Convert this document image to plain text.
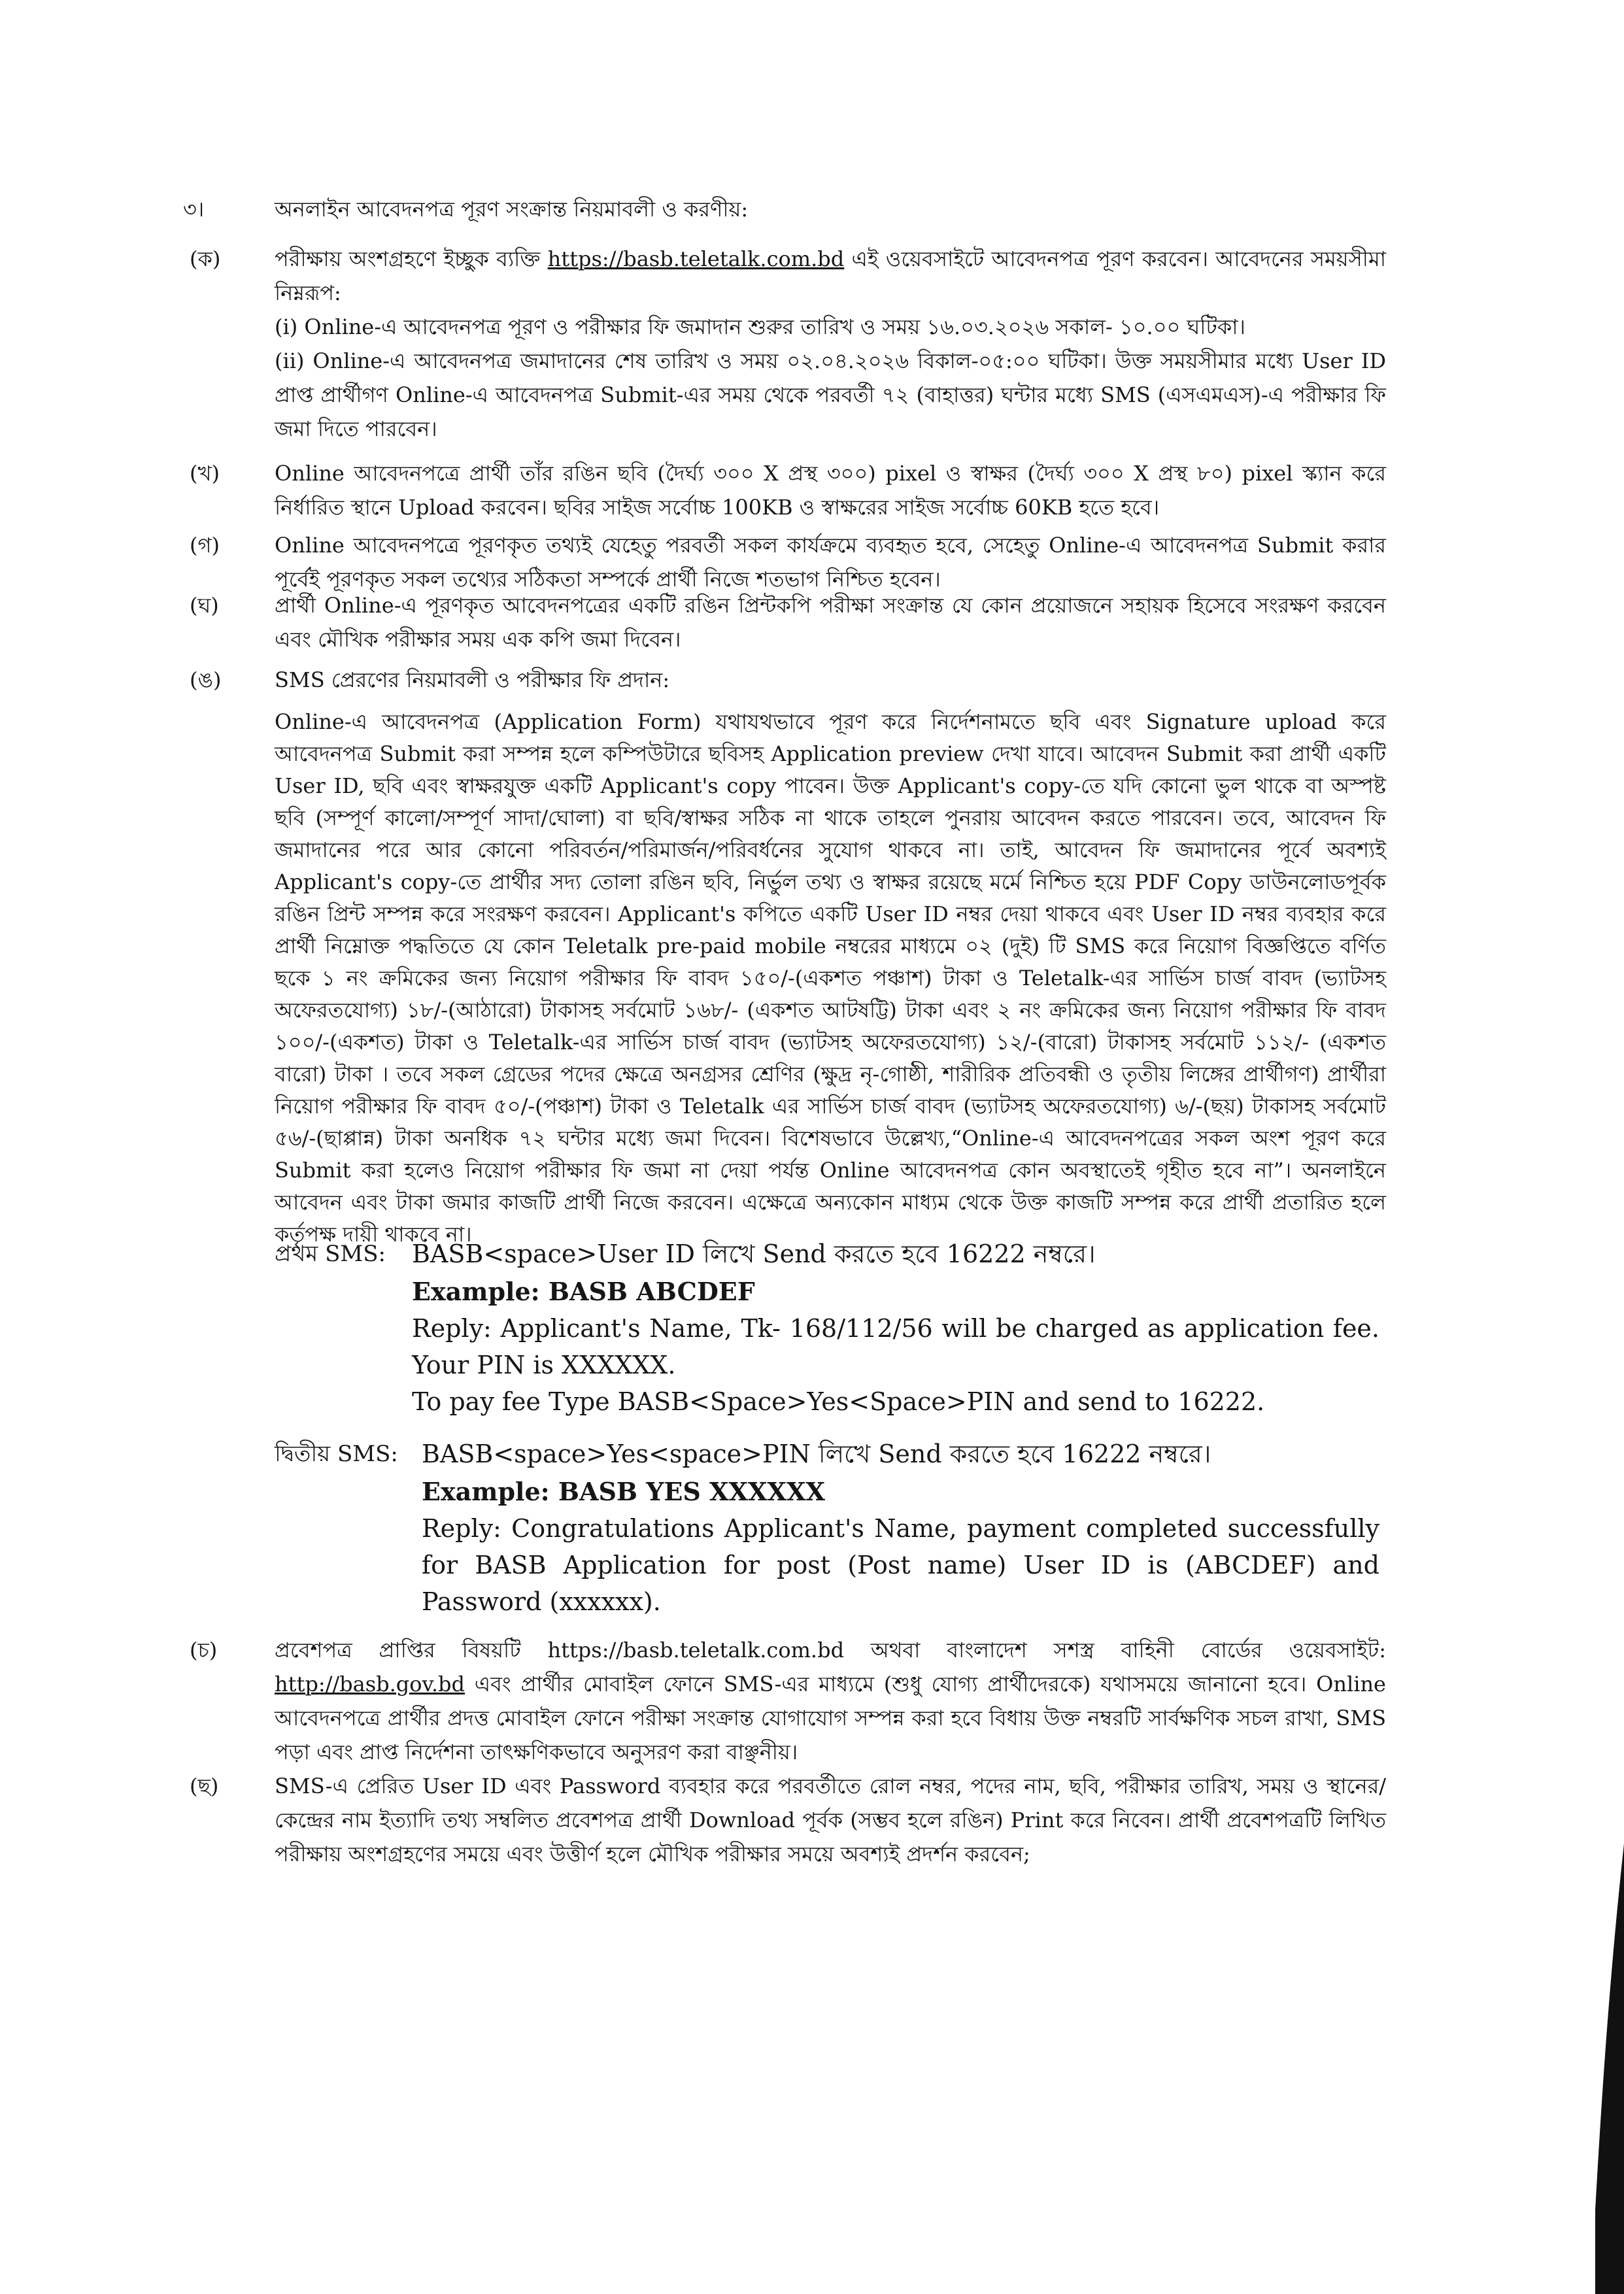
৩।	অনলাইন আবেদনপত্র পূরণ সংক্রান্ত নিয়মাবলী ও করণীয়:
(ক)	পরীক্ষায় অংশগ্রহণে ইচ্ছুক ব্যক্তি https://basb.teletalk.com.bd এই ওয়েবসাইটে আবেদনপত্র পূরণ করবেন। আবেদনের সময়সীমা নিম্নরূপ:

(i) Online-এ আবেদনপত্র পূরণ ও পরীক্ষার ফি জমাদান শুরুর তারিখ ও সময় ১৬.০৩.২০২৬ সকাল- ১০.০০ ঘটিকা।

(ii) Online-এ আবেদনপত্র জমাদানের শেষ তারিখ ও সময় ০২.০৪.২০২৬ বিকাল-০৫:০০ ঘটিকা। উক্ত সময়সীমার মধ্যে User ID প্রাপ্ত প্রার্থীগণ Online-এ আবেদনপত্র Submit-এর সময় থেকে পরবর্তী ৭২ (বাহাত্তর) ঘন্টার মধ্যে SMS (এসএমএস)-এ পরীক্ষার ফি জমা দিতে পারবেন।

(খ)	Online আবেদনপত্রে প্রার্থী তাঁর রঙিন ছবি (দৈর্ঘ্য ৩০০ X প্রস্থ ৩০০) pixel ও স্বাক্ষর (দৈর্ঘ্য ৩০০ X প্রস্থ ৮০) pixel স্ক্যান করে নির্ধারিত স্থানে Upload করবেন। ছবির সাইজ সর্বোচ্চ 100KB ও স্বাক্ষরের সাইজ সর্বোচ্চ 60KB হতে হবে।

(গ)	Online আবেদনপত্রে পূরণকৃত তথ্যই যেহেতু পরবর্তী সকল কার্যক্রমে ব্যবহৃত হবে, সেহেতু Online-এ আবেদনপত্র Submit করার পূর্বেই পূরণকৃত সকল তথ্যের সঠিকতা সম্পর্কে প্রার্থী নিজে শতভাগ নিশ্চিত হবেন।

(ঘ)	প্রার্থী Online-এ পূরণকৃত আবেদনপত্রের একটি রঙিন প্রিন্টকপি পরীক্ষা সংক্রান্ত যে কোন প্রয়োজনে সহায়ক হিসেবে সংরক্ষণ করবেন এবং মৌখিক পরীক্ষার সময় এক কপি জমা দিবেন।

(ঙ)	SMS প্রেরণের নিয়মাবলী ও পরীক্ষার ফি প্রদান:

Online-এ আবেদনপত্র (Application Form) যথাযথভাবে পূরণ করে নির্দেশনামতে ছবি এবং Signature upload করে আবেদনপত্র Submit করা সম্পন্ন হলে কম্পিউটারে ছবিসহ Application preview দেখা যাবে। আবেদন Submit করা প্রার্থী একটি User ID, ছবি এবং স্বাক্ষরযুক্ত একটি Applicant's copy পাবেন। উক্ত Applicant's copy-তে যদি কোনো ভুল থাকে বা অস্পষ্ট ছবি (সম্পূর্ণ কালো/সম্পূর্ণ সাদা/ঘোলা) বা ছবি/স্বাক্ষর সঠিক না থাকে তাহলে পুনরায় আবেদন করতে পারবেন। তবে, আবেদন ফি জমাদানের পরে আর কোনো পরিবর্তন/পরিমার্জন/পরিবর্ধনের সুযোগ থাকবে না। তাই, আবেদন ফি জমাদানের পূর্বে অবশ্যই Applicant's copy-তে প্রার্থীর সদ্য তোলা রঙিন ছবি, নির্ভুল তথ্য ও স্বাক্ষর রয়েছে মর্মে নিশ্চিত হয়ে PDF Copy ডাউনলোডপূর্বক রঙিন প্রিন্ট সম্পন্ন করে সংরক্ষণ করবেন। Applicant's কপিতে একটি User ID নম্বর দেয়া থাকবে এবং User ID নম্বর ব্যবহার করে প্রার্থী নিম্নোক্ত পদ্ধতিতে যে কোন Teletalk pre-paid mobile নম্বরের মাধ্যমে ০২ (দুই) টি SMS করে নিয়োগ বিজ্ঞপ্তিতে বর্ণিত ছকে ১ নং ক্রমিকের জন্য নিয়োগ পরীক্ষার ফি বাবদ ১৫০/-(একশত পঞ্চাশ) টাকা ও Teletalk-এর সার্ভিস চার্জ বাবদ (ভ্যাটসহ অফেরতযোগ্য) ১৮/-(আঠারো) টাকাসহ সর্বমোট ১৬৮/- (একশত আটষট্টি) টাকা এবং ২ নং ক্রমিকের জন্য নিয়োগ পরীক্ষার ফি বাবদ ১০০/-(একশত) টাকা ও Teletalk-এর সার্ভিস চার্জ বাবদ (ভ্যাটসহ অফেরতযোগ্য) ১২/-(বারো) টাকাসহ সর্বমোট ১১২/- (একশত বারো) টাকা । তবে সকল গ্রেডের পদের ক্ষেত্রে অনগ্রসর শ্রেণির (ক্ষুদ্র নৃ-গোষ্ঠী, শারীরিক প্রতিবন্ধী ও তৃতীয় লিঙ্গের প্রার্থীগণ) প্রার্থীরা নিয়োগ পরীক্ষার ফি বাবদ ৫০/-(পঞ্চাশ) টাকা ও Teletalk এর সার্ভিস চার্জ বাবদ (ভ্যাটসহ অফেরতযোগ্য) ৬/-(ছয়) টাকাসহ সর্বমোট ৫৬/-(ছাপ্পান্ন) টাকা অনধিক ৭২ ঘন্টার মধ্যে জমা দিবেন। বিশেষভাবে উল্লেখ্য,“Online-এ আবেদনপত্রের সকল অংশ পূরণ করে Submit করা হলেও নিয়োগ পরীক্ষার ফি জমা না দেয়া পর্যন্ত Online আবেদনপত্র কোন অবস্থাতেই গৃহীত হবে না”। অনলাইনে আবেদন এবং টাকা জমার কাজটি প্রার্থী নিজে করবেন। এক্ষেত্রে অন্যকোন মাধ্যম থেকে উক্ত কাজটি সম্পন্ন করে প্রার্থী প্রতারিত হলে কর্তৃপক্ষ দায়ী থাকবে না।

প্রথম SMS: BASB<space>User ID লিখে Send করতে হবে 16222 নম্বরে।
Example: BASB ABCDEF
Reply: Applicant's Name, Tk- 168/112/56 will be charged as application fee. Your PIN is XXXXXX.
To pay fee Type BASB<Space>Yes<Space>PIN and send to 16222.
দ্বিতীয় SMS: BASB<space>Yes<space>PIN লিখে Send করতে হবে 16222 নম্বরে।
Example: BASB YES XXXXXX
Reply: Congratulations Applicant's Name, payment completed successfully for BASB Application for post (Post name) User ID is (ABCDEF) and Password (xxxxxx).
(চ)	প্রবেশপত্র প্রাপ্তির বিষয়টি https://basb.teletalk.com.bd অথবা বাংলাদেশ সশস্ত্র বাহিনী বোর্ডের ওয়েবসাইট: http://basb.gov.bd এবং প্রার্থীর মোবাইল ফোনে SMS-এর মাধ্যমে (শুধু যোগ্য প্রার্থীদেরকে) যথাসময়ে জানানো হবে। Online আবেদনপত্রে প্রার্থীর প্রদত্ত মোবাইল ফোনে পরীক্ষা সংক্রান্ত যোগাযোগ সম্পন্ন করা হবে বিধায় উক্ত নম্বরটি সার্বক্ষণিক সচল রাখা, SMS পড়া এবং প্রাপ্ত নির্দেশনা তাৎক্ষণিকভাবে অনুসরণ করা বাঞ্ছনীয়।

(ছ)	SMS-এ প্রেরিত User ID এবং Password ব্যবহার করে পরবর্তীতে রোল নম্বর, পদের নাম, ছবি, পরীক্ষার তারিখ, সময় ও স্থানের/কেন্দ্রের নাম ইত্যাদি তথ্য সম্বলিত প্রবেশপত্র প্রার্থী Download পূর্বক (সম্ভব হলে রঙিন) Print করে নিবেন। প্রার্থী প্রবেশপত্রটি লিখিত পরীক্ষায় অংশগ্রহণের সময়ে এবং উত্তীর্ণ হলে মৌখিক পরীক্ষার সময়ে অবশ্যই প্রদর্শন করবেন;
